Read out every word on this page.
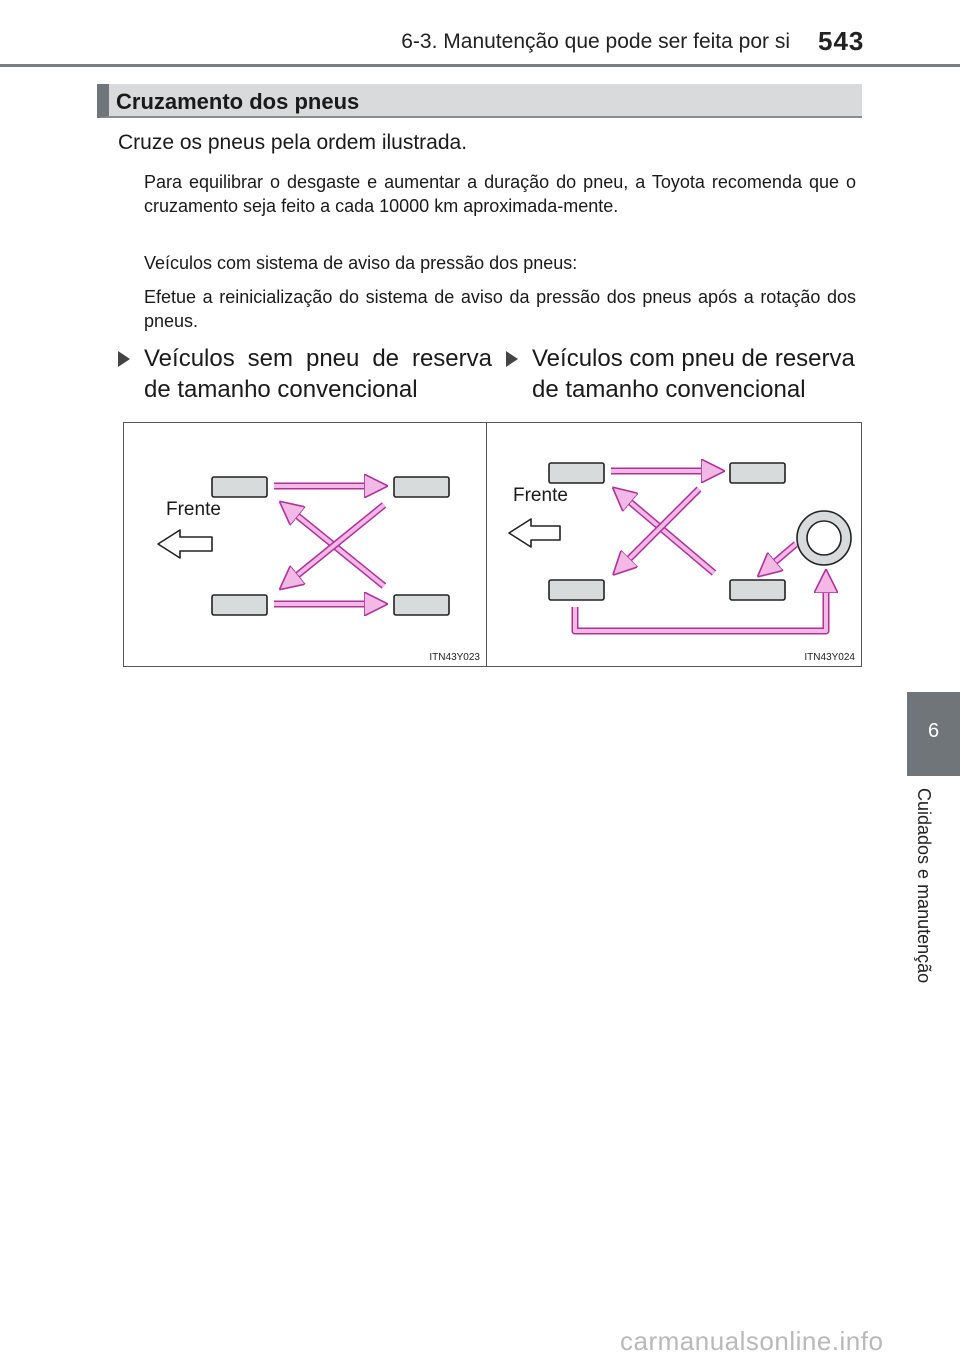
6-3. Manutenção que pode ser feita por si 543
Cruzamento dos pneus
Cruze os pneus pela ordem ilustrada.
Para equilibrar o desgaste e aumentar a duração do pneu, a Toyota recomenda que o cruzamento seja feito a cada 10000 km aproximada-mente.
Veículos com sistema de aviso da pressão dos pneus:
Efetue a reinicialização do sistema de aviso da pressão dos pneus após a rotação dos pneus.
Veículos sem pneu de reserva de tamanho convencional
Veículos com pneu de reserva de tamanho convencional
Frente
ITN43Y023
Frente
ITN43Y024
6
Cuidados e manutenção
carmanualsonline.info
